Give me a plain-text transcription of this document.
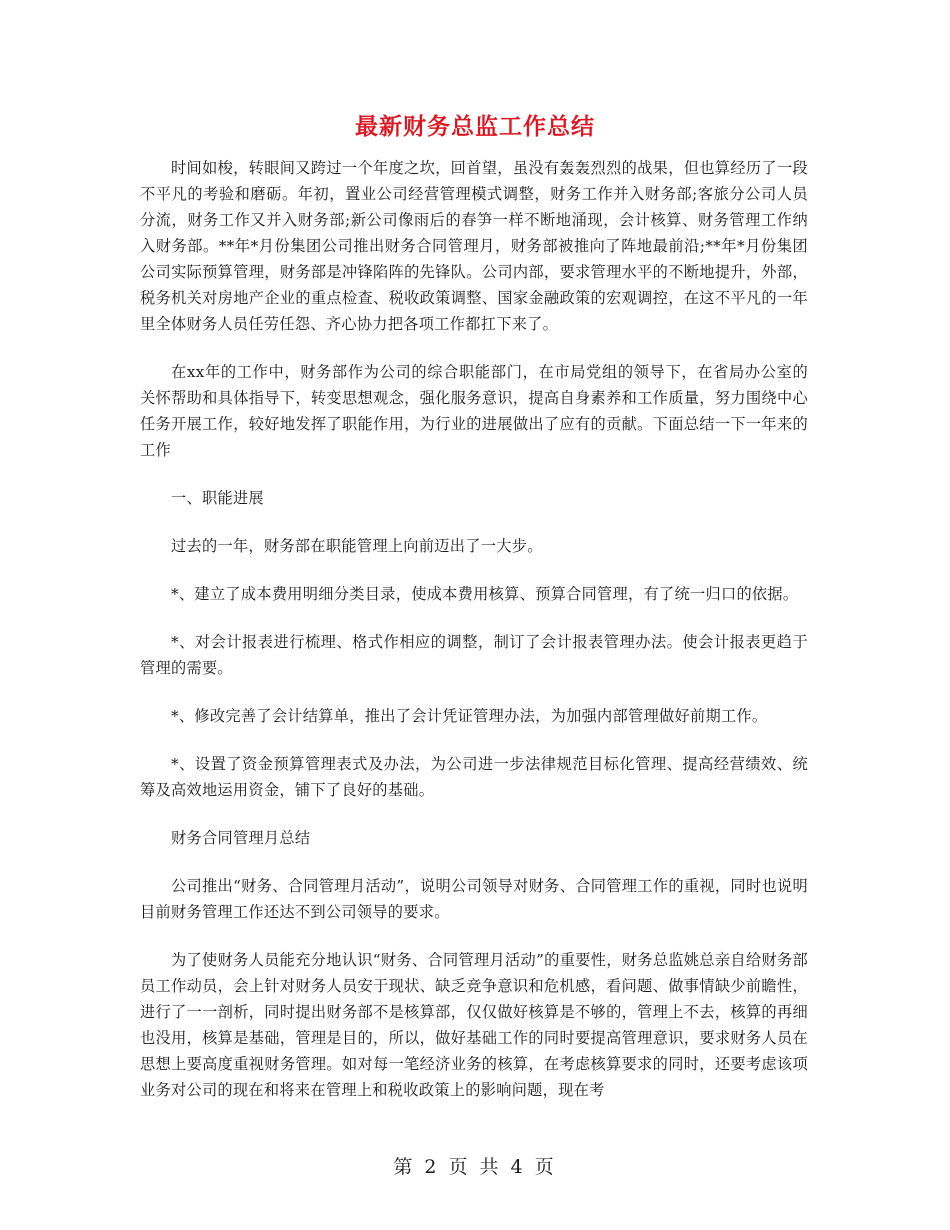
最新财务总监工作总结

时间如梭，转眼间又跨过一个年度之坎，回首望，虽没有轰轰烈烈的战果，但也算经历了一段不平凡的考验和磨砺。年初，置业公司经营管理模式调整，财务工作并入财务部;客旅分公司人员分流，财务工作又并入财务部;新公司像雨后的春笋一样不断地涌现，会计核算、财务管理工作纳入财务部。**年*月份集团公司推出财务合同管理月，财务部被推向了阵地最前沿;**年*月份集团公司实际预算管理，财务部是冲锋陷阵的先锋队。公司内部，要求管理水平的不断地提升，外部，税务机关对房地产企业的重点检查、税收政策调整、国家金融政策的宏观调控，在这不平凡的一年里全体财务人员任劳任怨、齐心协力把各项工作都扛下来了。

在xx年的工作中，财务部作为公司的综合职能部门，在市局党组的领导下，在省局办公室的关怀帮助和具体指导下，转变思想观念，强化服务意识，提高自身素养和工作质量，努力围绕中心任务开展工作，较好地发挥了职能作用，为行业的进展做出了应有的贡献。下面总结一下一年来的工作

一、职能进展

过去的一年，财务部在职能管理上向前迈出了一大步。

*、建立了成本费用明细分类目录，使成本费用核算、预算合同管理，有了统一归口的依据。

*、对会计报表进行梳理、格式作相应的调整，制订了会计报表管理办法。使会计报表更趋于管理的需要。

*、修改完善了会计结算单，推出了会计凭证管理办法，为加强内部管理做好前期工作。

*、设置了资金预算管理表式及办法，为公司进一步法律规范目标化管理、提高经营绩效、统筹及高效地运用资金，铺下了良好的基础。

财务合同管理月总结

公司推出“财务、合同管理月活动”，说明公司领导对财务、合同管理工作的重视，同时也说明目前财务管理工作还达不到公司领导的要求。

为了使财务人员能充分地认识“财务、合同管理月活动”的重要性，财务总监姚总亲自给财务部员工作动员，会上针对财务人员安于现状、缺乏竞争意识和危机感，看问题、做事情缺少前瞻性，进行了一一剖析，同时提出财务部不是核算部，仅仅做好核算是不够的，管理上不去，核算的再细也没用，核算是基础，管理是目的，所以，做好基础工作的同时要提高管理意识，要求财务人员在思想上要高度重视财务管理。如对每一笔经济业务的核算，在考虑核算要求的同时，还要考虑该项业务对公司的现在和将来在管理上和税收政策上的影响问题，现在考

第 2 页 共 4 页
